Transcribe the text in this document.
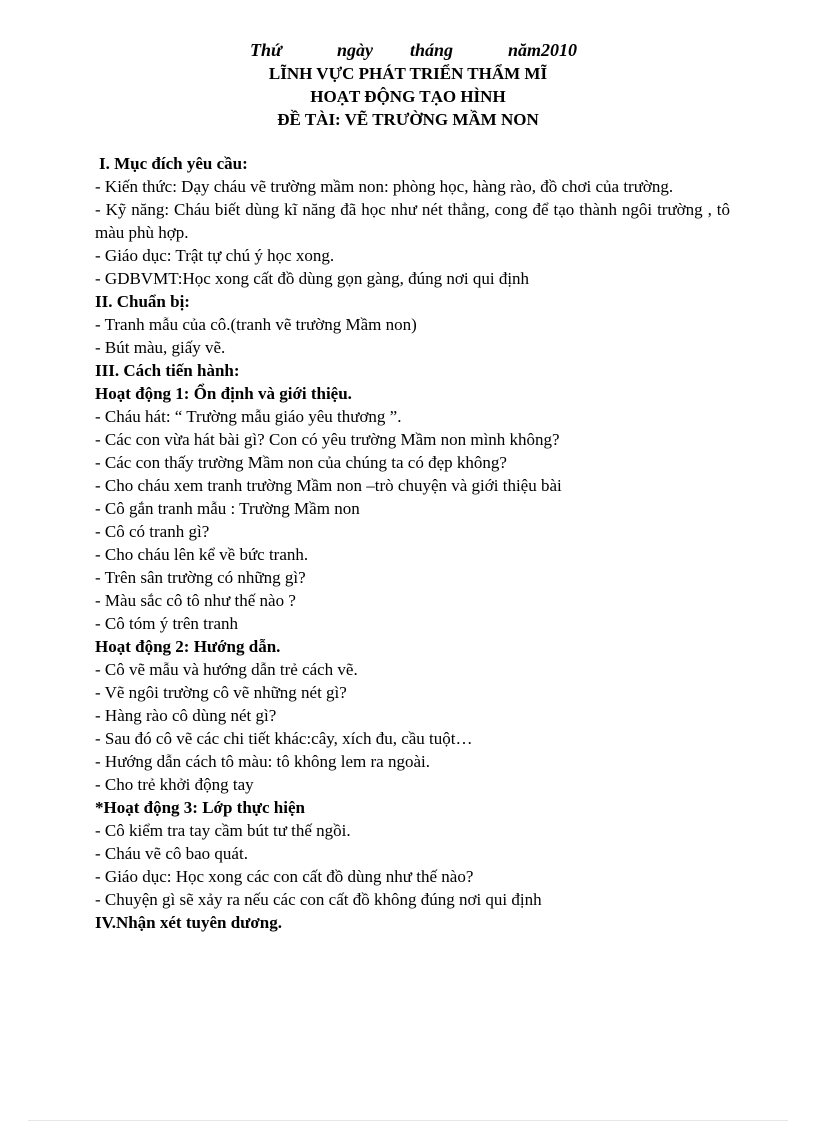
Thứ	ngày tháng	năm2010
LĨNH VỰC PHÁT TRIỂN THẨM MĨ
HOẠT ĐỘNG TẠO HÌNH
ĐỀ TÀI: VẼ TRƯỜNG MẦM NON

I. Mục đích yêu cầu:

- Kiến thức: Dạy cháu vẽ trường mầm non: phòng học, hàng rào, đồ chơi của trường.

- Kỹ năng: Cháu biết dùng kĩ năng đã học như nét thẳng, cong để tạo thành ngôi trường , tô màu phù hợp.

- Giáo dục: Trật tự chú ý học xong.

- GDBVMT:Học xong cất đồ dùng gọn gàng, đúng nơi qui định

II. Chuẩn bị:

- Tranh mẫu của cô.(tranh vẽ trường Mầm non)

- Bút màu, giấy vẽ.

III. Cách tiến hành:

Hoạt động 1: Ổn định và giới thiệu.

- Cháu hát: “ Trường mẫu giáo yêu thương ”.

- Các con vừa hát bài gì? Con có yêu trường Mầm non mình không?

- Các con thấy trường Mầm non của chúng ta có đẹp không?

- Cho cháu xem tranh trường Mầm non –trò chuyện và giới thiệu bài

- Cô gắn tranh mẫu : Trường Mầm non

- Cô có tranh gì?

- Cho cháu lên kể về bức tranh.

- Trên sân trường có những gì?

- Màu sắc cô tô như thế nào ?

- Cô tóm ý trên tranh

Hoạt động 2: Hướng dẫn.

- Cô vẽ mẫu và hướng dẫn trẻ cách vẽ.

- Vẽ ngôi trường cô vẽ những nét gì?

- Hàng rào cô dùng nét gì?

- Sau đó cô vẽ các chi tiết khác:cây, xích đu, cầu tuột…

- Hướng dẫn cách tô màu: tô không lem ra ngoài.

- Cho trẻ khởi động tay

*Hoạt động 3: Lớp thực hiện

- Cô kiểm tra tay cầm bút tư thế ngồi.

- Cháu vẽ cô bao quát.

- Giáo dục: Học xong các con cất đồ dùng như thế nào?

- Chuyện gì sẽ xảy ra nếu các con cất đồ không đúng nơi qui định

IV.Nhận xét tuyên dương.
